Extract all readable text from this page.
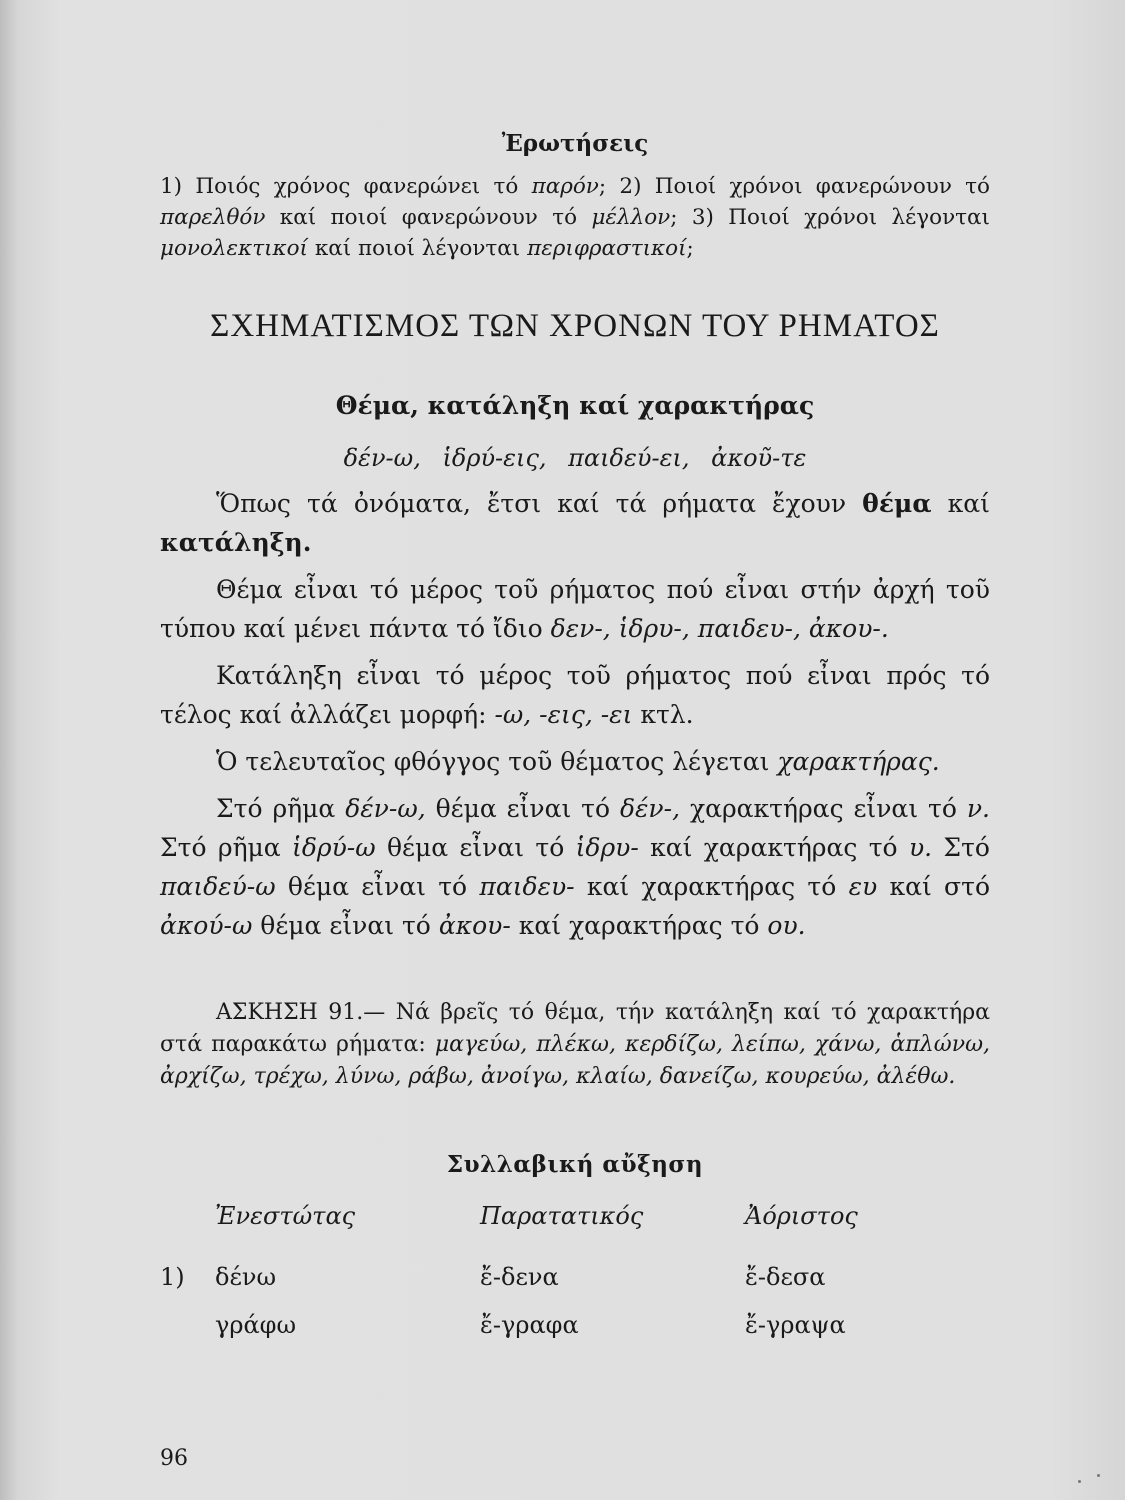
Ἐρωτήσεις
1) Ποιός χρόνος φανερώνει τό παρόν; 2) Ποιοί χρόνοι φανερώνουν τό παρελθόν καί ποιοί φανερώνουν τό μέλλον; 3) Ποιοί χρόνοι λέγονται μονολεκτικοί καί ποιοί λέγονται περιφραστικοί;
ΣΧΗΜΑΤΙΣΜΟΣ ΤΩΝ ΧΡΟΝΩΝ ΤΟΥ ΡΗΜΑΤΟΣ
Θέμα, κατάληξη καί χαρακτήρας
δέν-ω, ἱδρύ-εις, παιδεύ-ει, ἀκοῦ-τε

Ὅπως τά ὀνόματα, ἔτσι καί τά ρήματα ἔχουν θέμα καί κατάληξη.

Θέμα εἶναι τό μέρος τοῦ ρήματος πού εἶναι στήν ἀρχή τοῦ τύπου καί μένει πάντα τό ἴδιο δεν-, ἱδρυ-, παιδευ-, ἀκου-.

Κατάληξη εἶναι τό μέρος τοῦ ρήματος πού εἶναι πρός τό τέλος καί ἀλλάζει μορφή: -ω, -εις, -ει κτλ.

Ὁ τελευταῖος φθόγγος τοῦ θέματος λέγεται χαρακτήρας.

Στό ρῆμα δέν-ω, θέμα εἶναι τό δέν-, χαρακτήρας εἶναι τό ν. Στό ρῆμα ἱδρύ-ω θέμα εἶναι τό ἱδρυ- καί χαρακτήρας τό υ. Στό παιδεύ-ω θέμα εἶναι τό παιδευ- καί χαρακτήρας τό ευ καί στό ἀκού-ω θέμα εἶναι τό ἀκου- καί χαρακτήρας τό ου.

ΑΣΚΗΣΗ 91.— Νά βρεῖς τό θέμα, τήν κατάληξη καί τό χαρακτήρα στά παρακάτω ρήματα: μαγεύω, πλέκω, κερδίζω, λείπω, χάνω, ἁπλώνω, ἀρχίζω, τρέχω, λύνω, ράβω, ἀνοίγω, κλαίω, δανείζω, κουρεύω, ἀλέθω.
Συλλαβική αὔξηση
	Ἐνεστώτας	Παρατατικός	Ἀόριστος
1)	δένω	ἔ-δενα	ἔ-δεσα
	γράφω	ἔ-γραφα	ἔ-γραψα
96
